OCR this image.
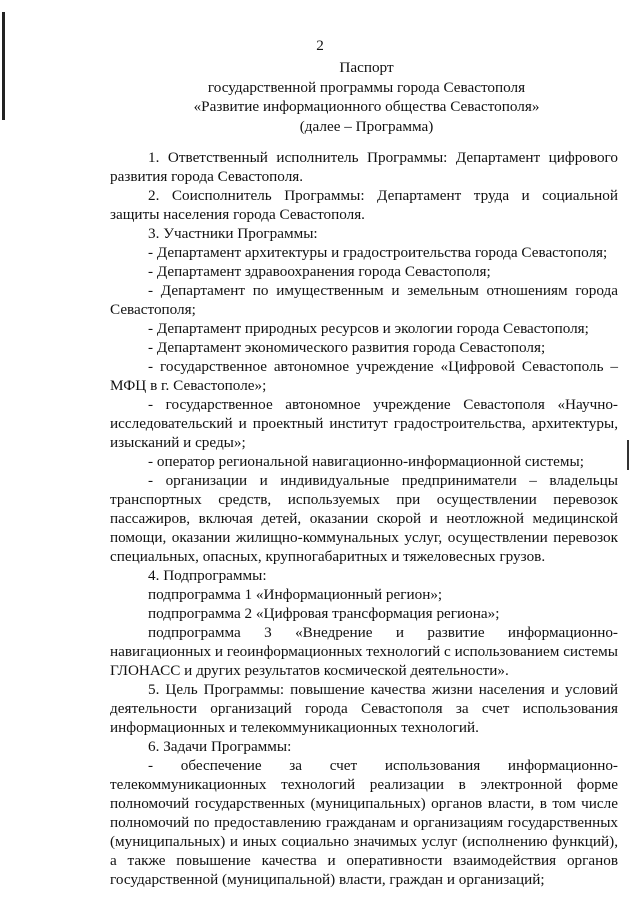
2
Паспорт
государственной программы города Севастополя
«Развитие информационного общества Севастополя»
(далее – Программа)

1. Ответственный исполнитель Программы: Департамент цифрового развития города Севастополя.

2. Соисполнитель Программы: Департамент труда и социальной защиты населения города Севастополя.

3. Участники Программы:

- Департамент архитектуры и градостроительства города Севастополя;

- Департамент здравоохранения города Севастополя;

- Департамент по имущественным и земельным отношениям города Севастополя;

- Департамент природных ресурсов и экологии города Севастополя;

- Департамент экономического развития города Севастополя;

- государственное автономное учреждение «Цифровой Севастополь – МФЦ в г. Севастополе»;

- государственное автономное учреждение Севастополя «Научно-исследовательский и проектный институт градостроительства, архитектуры, изысканий и среды»;

- оператор региональной навигационно-информационной системы;

- организации и индивидуальные предприниматели – владельцы транспортных средств, используемых при осуществлении перевозок пассажиров, включая детей, оказании скорой и неотложной медицинской помощи, оказании жилищно-коммунальных услуг, осуществлении перевозок специальных, опасных, крупногабаритных и тяжеловесных грузов.

4. Подпрограммы:

подпрограмма 1 «Информационный регион»;

подпрограмма 2 «Цифровая трансформация региона»;

подпрограмма 3 «Внедрение и развитие информационно-навигационных и геоинформационных технологий с использованием системы ГЛОНАСС и других результатов космической деятельности».

5. Цель Программы: повышение качества жизни населения и условий деятельности организаций города Севастополя за счет использования информационных и телекоммуникационных технологий.

6. Задачи Программы:

- обеспечение за счет использования информационно-телекоммуникационных технологий реализации в электронной форме полномочий государственных (муниципальных) органов власти, в том числе полномочий по предоставлению гражданам и организациям государственных (муниципальных) и иных социально значимых услуг (исполнению функций), а также повышение качества и оперативности взаимодействия органов государственной (муниципальной) власти, граждан и организаций;
